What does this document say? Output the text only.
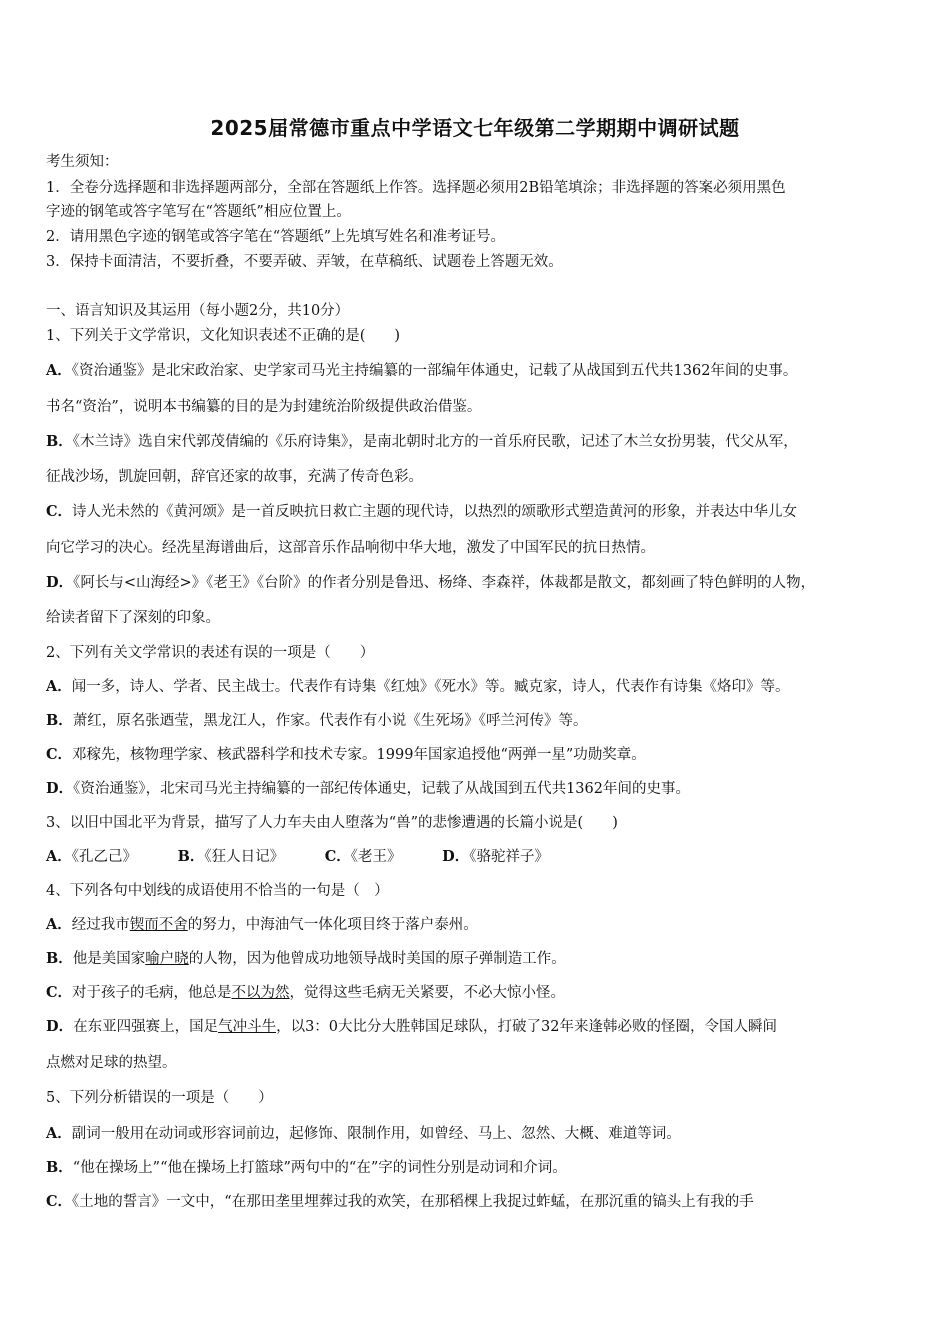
2025届常德市重点中学语文七年级第二学期期中调研试题
考生须知：
1．全卷分选择题和非选择题两部分，全部在答题纸上作答。选择题必须用2B铅笔填涂；非选择题的答案必须用黑色
字迹的钢笔或答字笔写在“答题纸”相应位置上。
2．请用黑色字迹的钢笔或答字笔在“答题纸”上先填写姓名和准考证号。
3．保持卡面清洁，不要折叠，不要弄破、弄皱，在草稿纸、试题卷上答题无效。
一、语言知识及其运用（每小题2分，共10分）
1、下列关于文学常识，文化知识表述不正确的是(　　)
A．《资治通鉴》是北宋政治家、史学家司马光主持编纂的一部编年体通史，记载了从战国到五代共1362年间的史事。
书名“资治”，说明本书编纂的目的是为封建统治阶级提供政治借鉴。
B．《木兰诗》选自宋代郭茂倩编的《乐府诗集》，是南北朝时北方的一首乐府民歌，记述了木兰女扮男装，代父从军，
征战沙场，凯旋回朝，辞官还家的故事，充满了传奇色彩。
C．诗人光未然的《黄河颂》是一首反映抗日救亡主题的现代诗，以热烈的颂歌形式塑造黄河的形象，并表达中华儿女
向它学习的决心。经冼星海谱曲后，这部音乐作品响彻中华大地，激发了中国军民的抗日热情。
D．《阿长与<山海经>》《老王》《台阶》的作者分别是鲁迅、杨绛、李森祥，体裁都是散文，都刻画了特色鲜明的人物，
给读者留下了深刻的印象。
2、下列有关文学常识的表述有误的一项是（　　）
A．闻一多，诗人、学者、民主战士。代表作有诗集《红烛》《死水》等。臧克家，诗人，代表作有诗集《烙印》等。
B．萧红，原名张迺莹，黑龙江人，作家。代表作有小说《生死场》《呼兰河传》等。
C．邓稼先，核物理学家、核武器科学和技术专家。1999年国家追授他“两弹一星”功勋奖章。
D．《资治通鉴》，北宋司马光主持编纂的一部纪传体通史，记载了从战国到五代共1362年间的史事。
3、以旧中国北平为背景，描写了人力车夫由人堕落为“兽”的悲惨遭遇的长篇小说是(　　)
A．《孔乙己》	B．《狂人日记》	C．《老王》	D．《骆驼祥子》
4、下列各句中划线的成语使用不恰当的一句是（　）
A．经过我市锲而不舍的努力，中海油气一体化项目终于落户泰州。
B．他是美国家喻户晓的人物，因为他曾成功地领导战时美国的原子弹制造工作。
C．对于孩子的毛病，他总是不以为然，觉得这些毛病无关紧要，不必大惊小怪。
D．在东亚四强赛上，国足气冲斗牛，以3：0大比分大胜韩国足球队，打破了32年来逢韩必败的怪圈，令国人瞬间
点燃对足球的热望。
5、下列分析错误的一项是（　　）
A．副词一般用在动词或形容词前边，起修饰、限制作用，如曾经、马上、忽然、大概、难道等词。
B．“他在操场上”“他在操场上打篮球”两句中的“在”字的词性分别是动词和介词。
C．《土地的誓言》一文中，“在那田垄里埋葬过我的欢笑，在那稻棵上我捉过蚱蜢，在那沉重的镐头上有我的手
